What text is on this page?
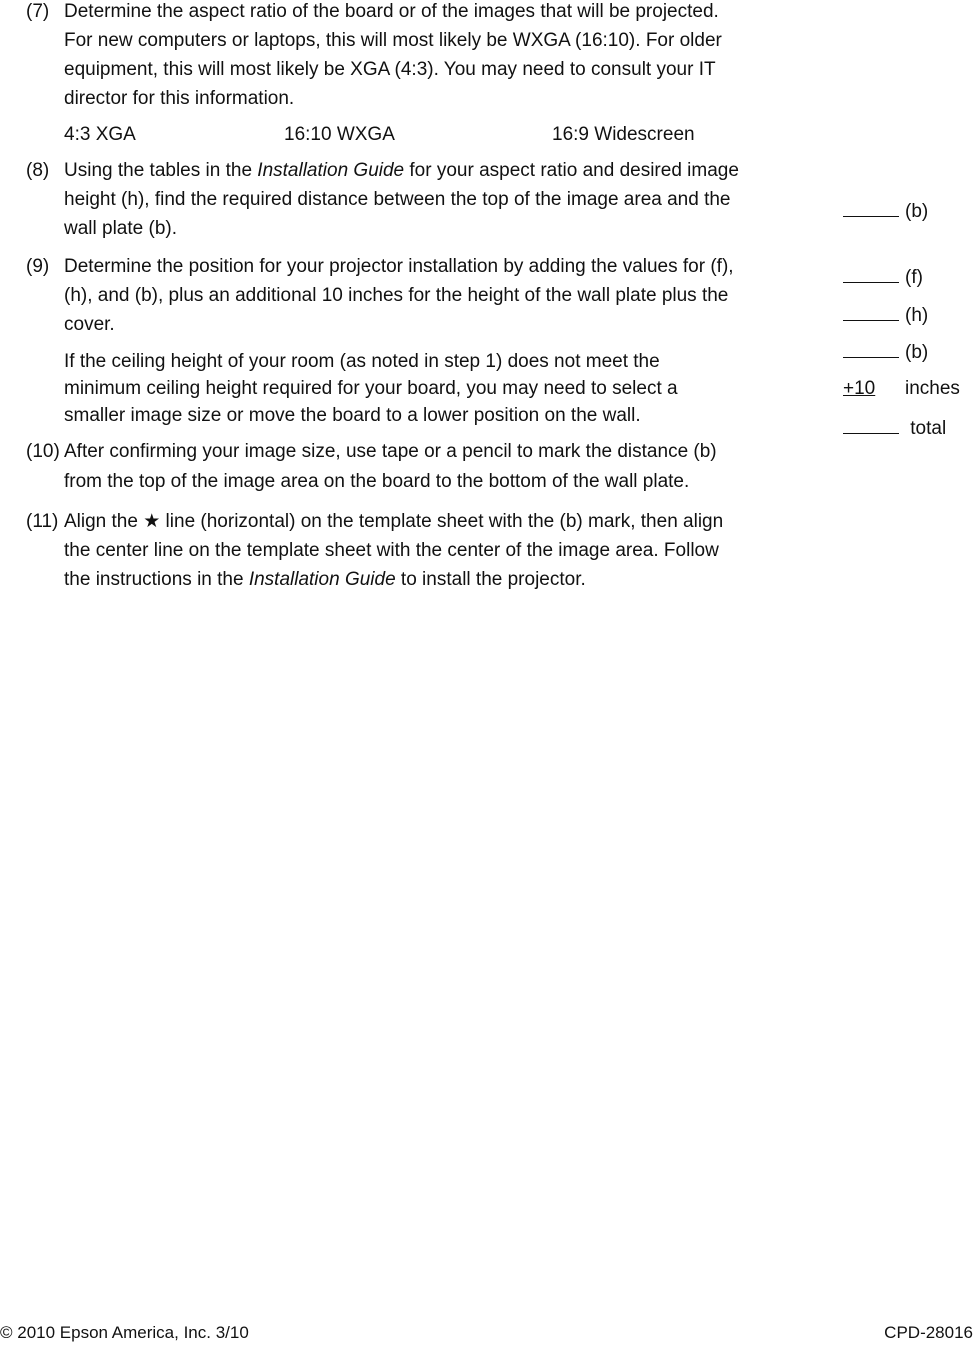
(7) Determine the aspect ratio of the board or of the images that will be projected.
For new computers or laptops, this will most likely be WXGA (16:10). For older
equipment, this will most likely be XGA (4:3). You may need to consult your IT
director for this information.
4:3 XGA	16:10 WXGA	16:9 Widescreen
(8) Using the tables in the Installation Guide for your aspect ratio and desired image
height (h), find the required distance between the top of the image area and the
wall plate (b).
(9) Determine the position for your projector installation by adding the values for (f),
(h), and (b), plus an additional 10 inches for the height of the wall plate plus the
cover.
If the ceiling height of your room (as noted in step 1) does not meet the
minimum ceiling height required for your board, you may need to select a
smaller image size or move the board to a lower position on the wall.
(10) After confirming your image size, use tape or a pencil to mark the distance (b)
from the top of the image area on the board to the bottom of the wall plate.
(11) Align the ★ line (horizontal) on the template sheet with the (b) mark, then align
the center line on the template sheet with the center of the image area. Follow
the instructions in the Installation Guide to install the projector.
(b)
(f)
(h)
(b)
+10 inches
total
© 2010 Epson America, Inc. 3/10	CPD-28016
